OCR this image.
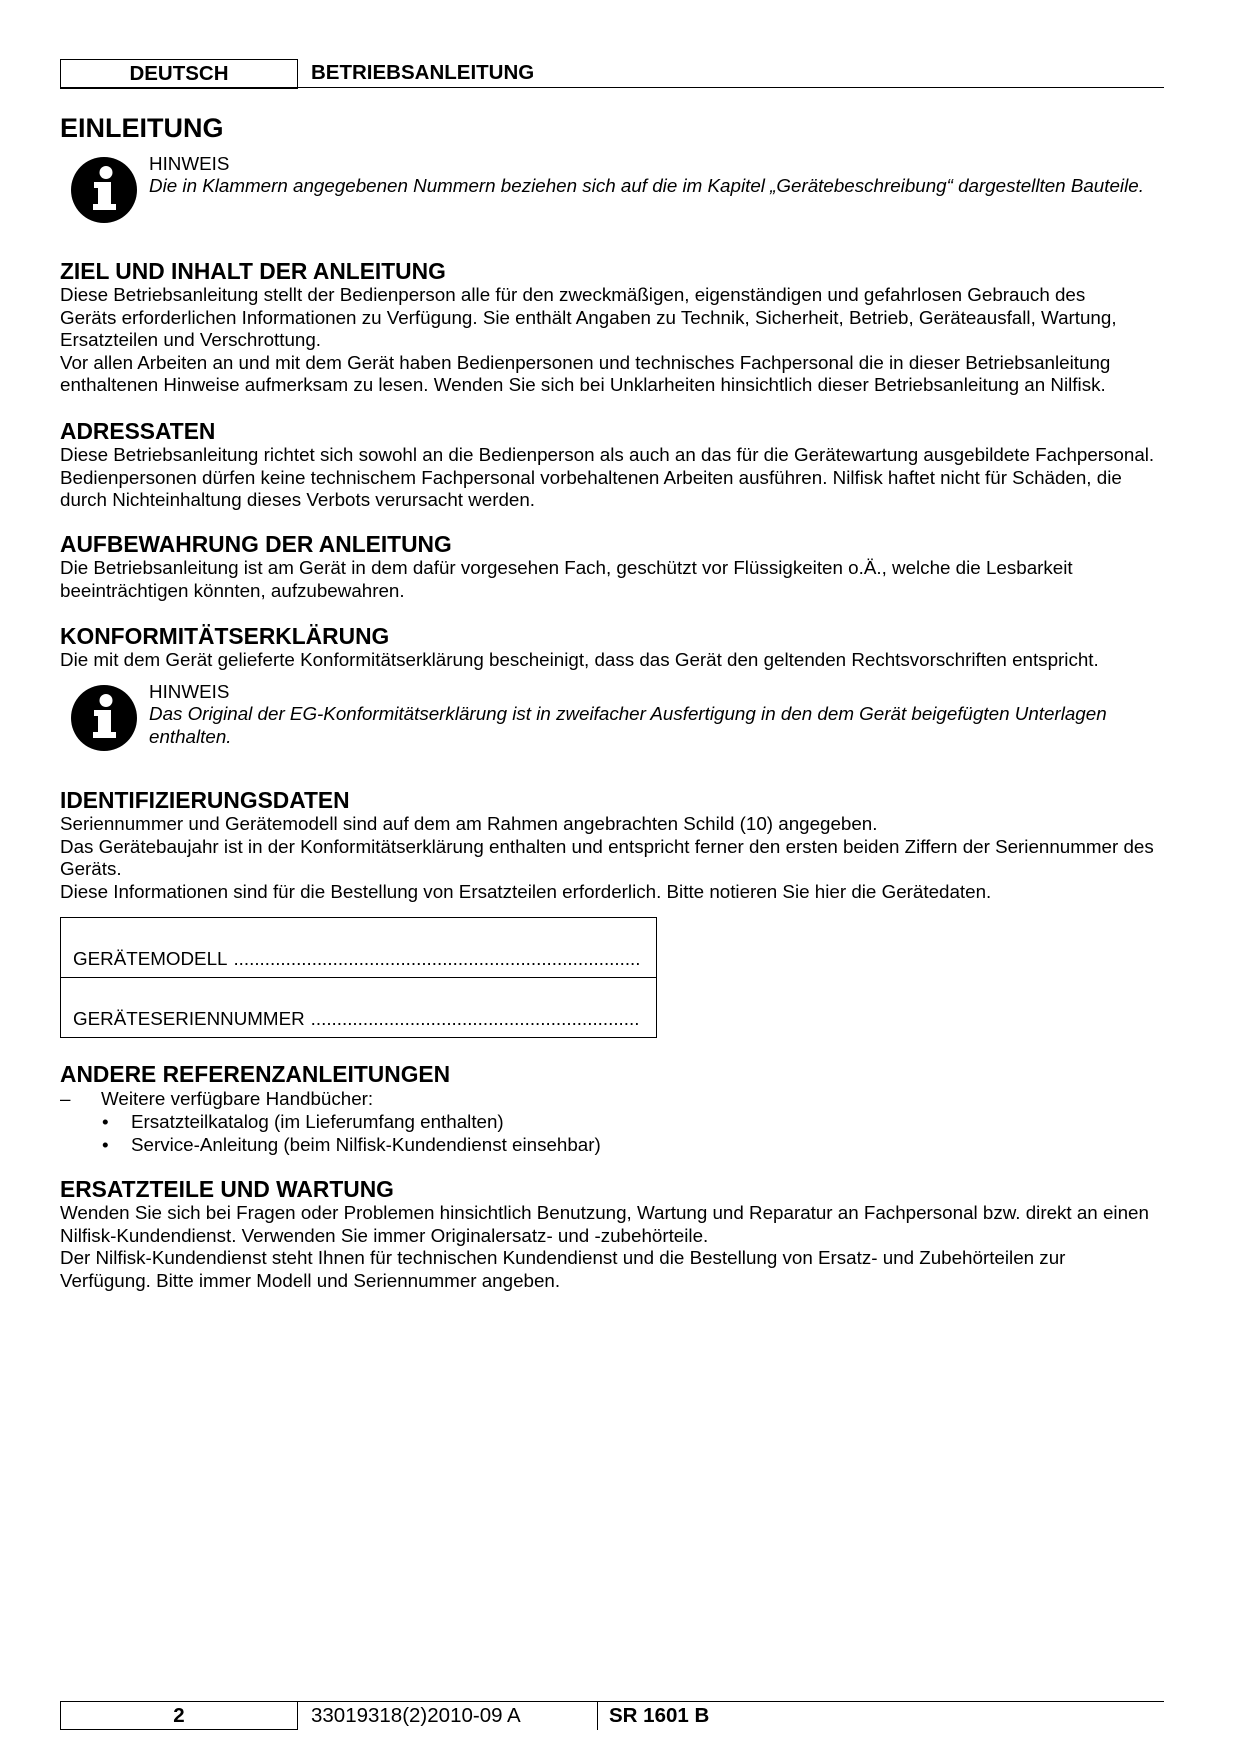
DEUTSCH	BETRIEBSANLEITUNG
EINLEITUNG
HINWEIS
Die in Klammern angegebenen Nummern beziehen sich auf die im Kapitel „Gerätebeschreibung“ dargestellten Bauteile.
ZIEL UND INHALT DER ANLEITUNG
Diese Betriebsanleitung stellt der Bedienperson alle für den zweckmäßigen, eigenständigen und gefahrlosen Gebrauch des
Geräts erforderlichen Informationen zu Verfügung. Sie enthält Angaben zu Technik, Sicherheit, Betrieb, Geräteausfall, Wartung,
Ersatzteilen und Verschrottung.
Vor allen Arbeiten an und mit dem Gerät haben Bedienpersonen und technisches Fachpersonal die in dieser Betriebsanleitung
enthaltenen Hinweise aufmerksam zu lesen. Wenden Sie sich bei Unklarheiten hinsichtlich dieser Betriebsanleitung an Nilfisk.
ADRESSATEN
Diese Betriebsanleitung richtet sich sowohl an die Bedienperson als auch an das für die Gerätewartung ausgebildete Fachpersonal.
Bedienpersonen dürfen keine technischem Fachpersonal vorbehaltenen Arbeiten ausführen. Nilfisk haftet nicht für Schäden, die
durch Nichteinhaltung dieses Verbots verursacht werden.
AUFBEWAHRUNG DER ANLEITUNG
Die Betriebsanleitung ist am Gerät in dem dafür vorgesehen Fach, geschützt vor Flüssigkeiten o.Ä., welche die Lesbarkeit
beeinträchtigen könnten, aufzubewahren.
KONFORMITÄTSERKLÄRUNG
Die mit dem Gerät gelieferte Konformitätserklärung bescheinigt, dass das Gerät den geltenden Rechtsvorschriften entspricht.
HINWEIS
Das Original der EG-Konformitätserklärung ist in zweifacher Ausfertigung in den dem Gerät beigefügten Unterlagen
enthalten.
IDENTIFIZIERUNGSDATEN
Seriennummer und Gerätemodell sind auf dem am Rahmen angebrachten Schild (10) angegeben.
Das Gerätebaujahr ist in der Konformitätserklärung enthalten und entspricht ferner den ersten beiden Ziffern der Seriennummer des
Geräts.
Diese Informationen sind für die Bestellung von Ersatzteilen erforderlich. Bitte notieren Sie hier die Gerätedaten.
GERÄTEMODELL ..............................................................................
GERÄTESERIENNUMMER ...............................................................
ANDERE REFERENZANLEITUNGEN
– Weitere verfügbare Handbücher:
• Ersatzteilkatalog (im Lieferumfang enthalten)
• Service-Anleitung (beim Nilfisk-Kundendienst einsehbar)
ERSATZTEILE UND WARTUNG
Wenden Sie sich bei Fragen oder Problemen hinsichtlich Benutzung, Wartung und Reparatur an Fachpersonal bzw. direkt an einen
Nilfisk-Kundendienst. Verwenden Sie immer Originalersatz- und -zubehörteile.
Der Nilfisk-Kundendienst steht Ihnen für technischen Kundendienst und die Bestellung von Ersatz- und Zubehörteilen zur
Verfügung. Bitte immer Modell und Seriennummer angeben.
2	33019318(2)2010-09 A	SR 1601 B
